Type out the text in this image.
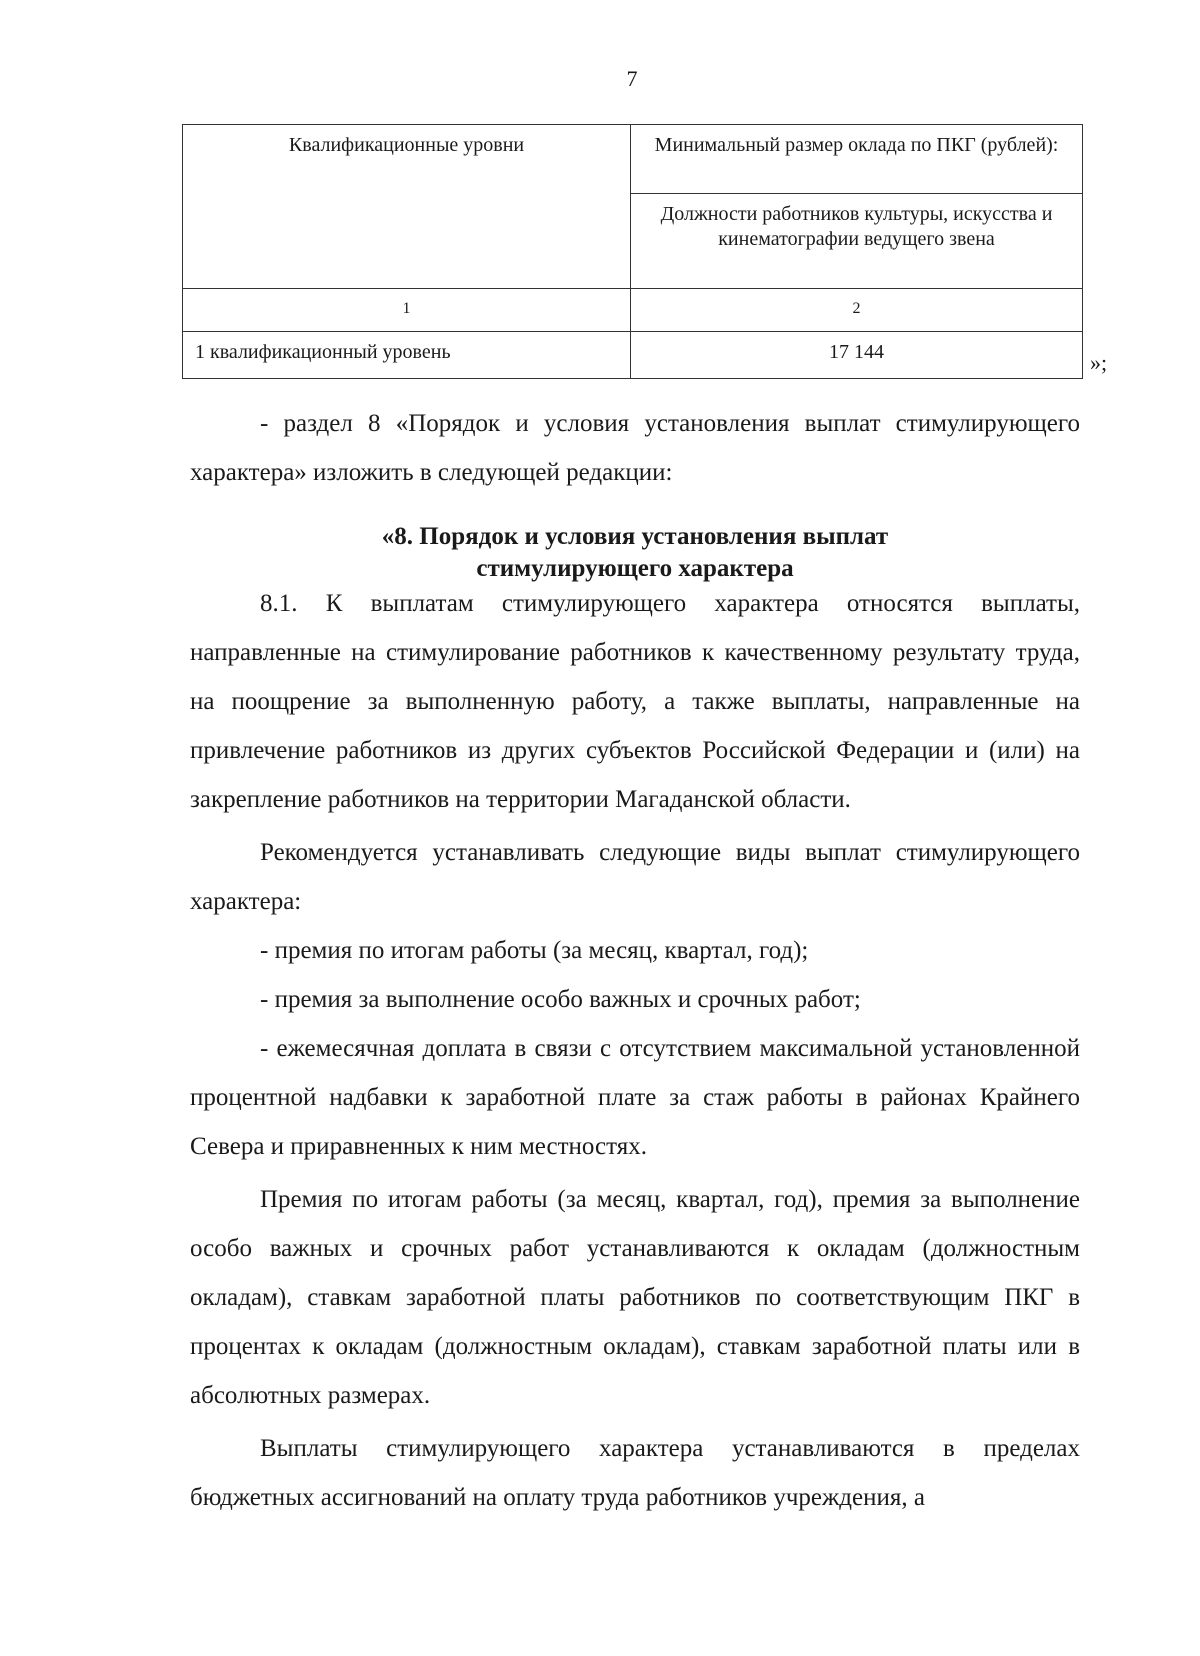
7
Квалификационные уровни	Минимальный размер оклада по ПКГ (рублей):
	Должности работников культуры, искусства и кинематографии ведущего звена
1	2
1 квалификационный уровень	17 144	»;

- раздел 8 «Порядок и условия установления выплат стимулирующего характера» изложить в следующей редакции:

«8. Порядок и условия установления выплат
стимулирующего характера

8.1. К выплатам стимулирующего характера относятся выплаты, направленные на стимулирование работников к качественному результату труда, на поощрение за выполненную работу, а также выплаты, направленные на привлечение работников из других субъектов Российской Федерации и (или) на закрепление работников на территории Магаданской области.

Рекомендуется устанавливать следующие виды выплат стимулирующего характера:

- премия по итогам работы (за месяц, квартал, год);

- премия за выполнение особо важных и срочных работ;

- ежемесячная доплата в связи с отсутствием максимальной установленной процентной надбавки к заработной плате за стаж работы в районах Крайнего Севера и приравненных к ним местностях.

Премия по итогам работы (за месяц, квартал, год), премия за выполнение особо важных и срочных работ устанавливаются к окладам (должностным окладам), ставкам заработной платы работников по соответствующим ПКГ в процентах к окладам (должностным окладам), ставкам заработной платы или в абсолютных размерах.

Выплаты стимулирующего характера устанавливаются в пределах бюджетных ассигнований на оплату труда работников учреждения, а
